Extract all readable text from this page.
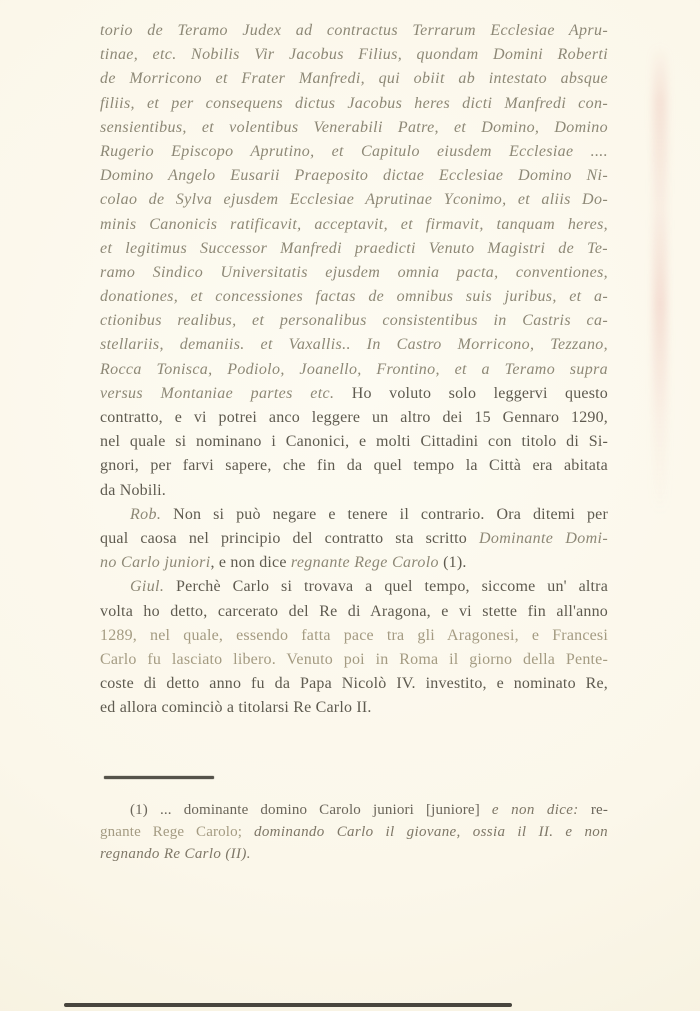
torio de Teramo Judex ad contractus Terrarum Ecclesiae Apru-
tinae, etc. Nobilis Vir Jacobus Filius, quondam Domini Roberti
de Morricono et Frater Manfredi, qui obiit ab intestato absque
filiis, et per consequens dictus Jacobus heres dicti Manfredi con-
sensientibus, et volentibus Venerabili Patre, et Domino, Domino
Rugerio Episcopo Aprutino, et Capitulo eiusdem Ecclesiae ....
Domino Angelo Eusarii Praeposito dictae Ecclesiae Domino Ni-
colao de Sylva ejusdem Ecclesiae Aprutinae Yconimo, et aliis Do-
minis Canonicis ratificavit, acceptavit, et firmavit, tanquam heres,
et legitimus Successor Manfredi praedicti Venuto Magistri de Te-
ramo Sindico Universitatis ejusdem omnia pacta, conventiones,
donationes, et concessiones factas de omnibus suis juribus, et a-
ctionibus realibus, et personalibus consistentibus in Castris ca-
stellariis, demaniis. et Vaxallis.. In Castro Morricono, Tezzano,
Rocca Tonisca, Podiolo, Joanello, Frontino, et a Teramo supra
versus Montaniae partes etc. Ho voluto solo leggervi questo
contratto, e vi potrei anco leggere un altro dei 15 Gennaro 1290,
nel quale si nominano i Canonici, e molti Cittadini con titolo di Si-
gnori, per farvi sapere, che fin da quel tempo la Città era abitata
da Nobili.
Rob. Non si può negare e tenere il contrario. Ora ditemi per
qual caosa nel principio del contratto sta scritto Dominante Domi-
no Carlo juniori, e non dice regnante Rege Carolo (1).
Giul. Perchè Carlo si trovava a quel tempo, siccome un' altra
volta ho detto, carcerato del Re di Aragona, e vi stette fin all'anno
1289, nel quale, essendo fatta pace tra gli Aragonesi, e Francesi
Carlo fu lasciato libero. Venuto poi in Roma il giorno della Pente-
coste di detto anno fu da Papa Nicolò IV. investito, e nominato Re,
ed allora cominciò a titolarsi Re Carlo II.
(1) ... dominante domino Carolo juniori [juniore] e non dice: re-
gnante Rege Carolo; dominando Carlo il giovane, ossia il II. e non
regnando Re Carlo (II).
